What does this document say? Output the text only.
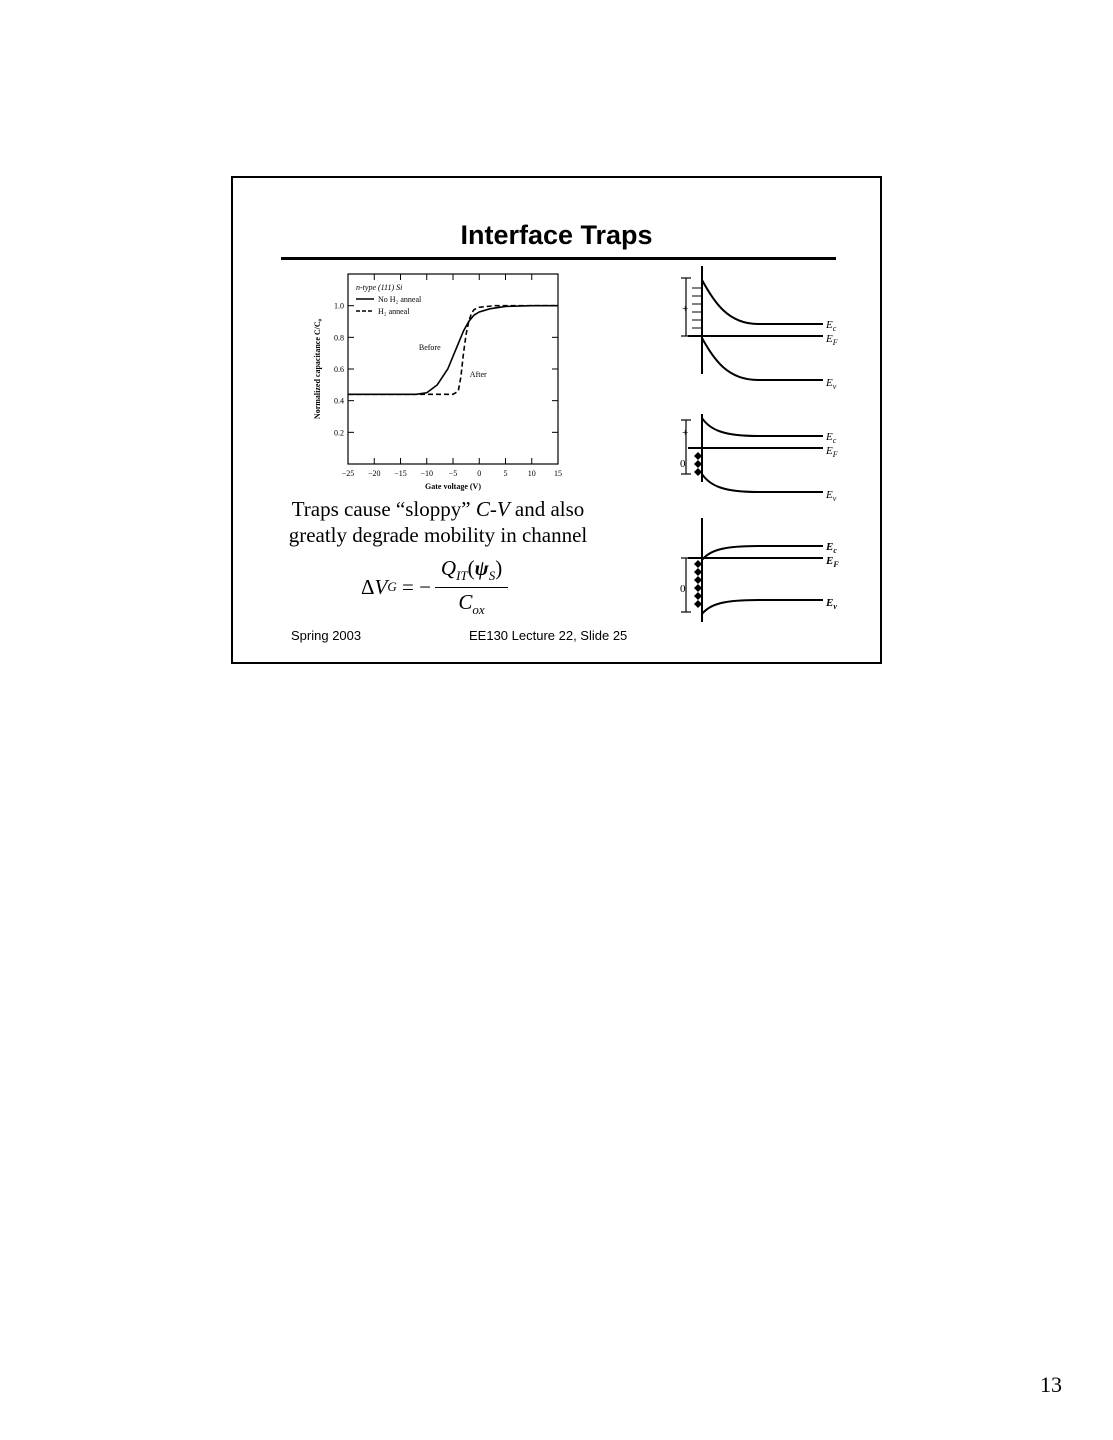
Interface Traps
−25 −20 −15 −10 −5 0	5	10 15
0.2
0.4
0.6
0.8
1.0
Gate voltage (V)
Normalized capacitance C/C₀
n-type (111) Si
No H₂ anneal
H₂ anneal
Before
After
+
$E_c$
$E_F$
$E_v$
+
0
$E_c$
$E_F$
$E_v$
0
$E_c$
$E_F$
$E_v$
Traps cause “sloppy” C-V and also
greatly degrade mobility in channel
Δ V G = − $\frac{Q_{IT}(\psi_S)}{C_{ox}}$
Spring 2003	EE130 Lecture 22, Slide 25
13
